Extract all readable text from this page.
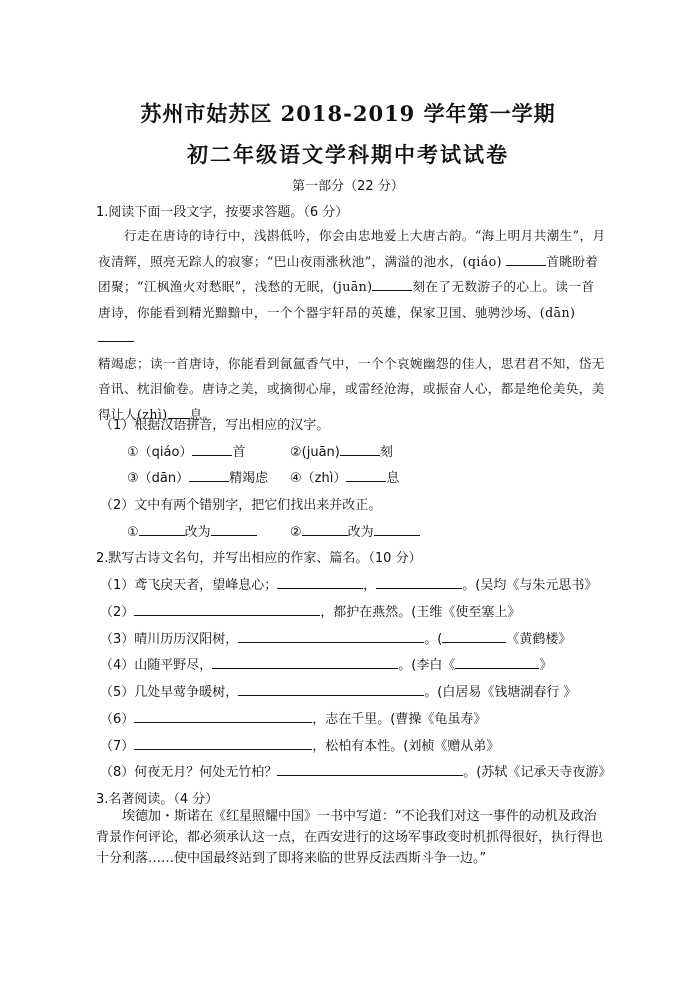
苏州市姑苏区 2018-2019 学年第一学期
初二年级语文学科期中考试试卷
第一部分（22 分）
1.阅读下面一段文字，按要求答题。（6 分）

行走在唐诗的诗行中，浅斟低吟，你会由忠地爱上大唐古韵。“海上明月共潮生”，月

夜清辉，照亮无踪人的寂寥；“巴山夜雨涨秋池”，满溢的池水，(qiáo)	首眺盼着

团聚；“江枫渔火对愁眠”，浅愁的无眠，(juān)	刻在了无数游子的心上。读一首

唐诗，你能看到精光黯黯中，一个个器宇轩昂的英雄，保家卫国、驰骋沙场、(dān)

精竭虑；读一首唐诗，你能看到氤氲香气中，一个个哀婉幽怨的佳人，思君君不知，岱无

音讯、枕泪偷卷。唐诗之美，或摘彻心扉，或雷经沧海，或振奋人心，都是绝伦美奂，美

得让人(zhì) 息。

（1）根据汉语拼音，写出相应的汉字。
①（qiáo）	首	②(juān)	刻
③（dān）	精竭虑 ④（zhì）	息
（2）文中有两个错别字，把它们找出来并改正。
①	改为	②	改为
2.默写古诗文名句，并写出相应的作家、篇名。（10 分）
（1）鸢飞戾天者，望峰息心；	，	。(吴均《与朱元思书》
（2）	，都护在燕然。(王维《使至塞上》
（3）晴川历历汉阳树，	。(	《黄鹤楼》
（4）山随平野尽，	。(李白《	》
（5）几处早莺争暖树，	。(白居易《钱塘湖春行 》
（6）	，志在千里。(曹操《龟虽寿》
（7）	，松柏有本性。(刘桢《赠从弟》
（8）何夜无月？何处无竹柏？	。(苏轼《记承天寺夜游》
3.名著阅读。（4 分）

埃德加・斯诺在《红星照耀中国》一书中写道：“不论我们对这一事件的动机及政治

背景作何评论，都必须承认这一点，在西安进行的这场军事政变时机抓得很好，执行得也

十分利落……使中国最终站到了即将来临的世界反法西斯斗争一边。”
